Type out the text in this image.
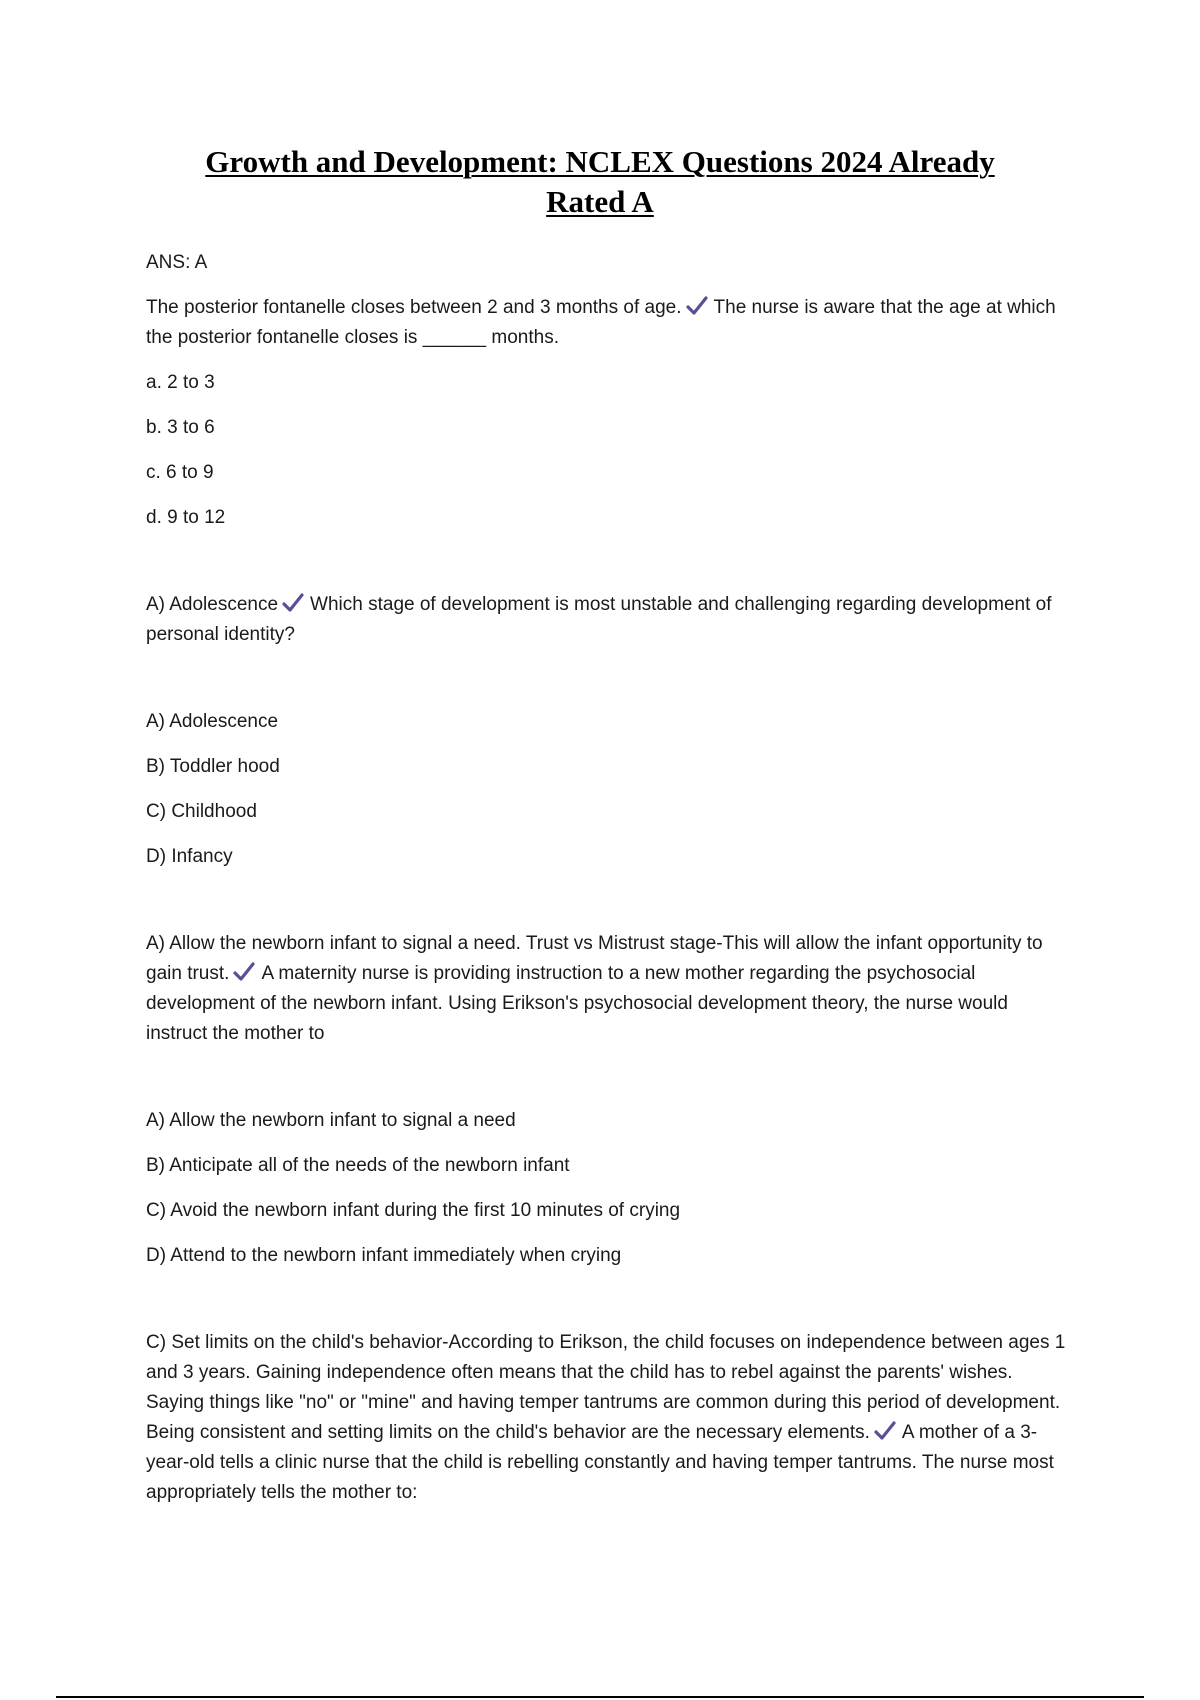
Growth and Development: NCLEX Questions 2024 Already
Rated A

ANS: A

The posterior fontanelle closes between 2 and 3 months of age. The nurse is aware that the age at which the posterior fontanelle closes is ______ months.

a. 2 to 3

b. 3 to 6

c. 6 to 9

d. 9 to 12

A) Adolescence Which stage of development is most unstable and challenging regarding development of personal identity?

A) Adolescence

B) Toddler hood

C) Childhood

D) Infancy

A) Allow the newborn infant to signal a need. Trust vs Mistrust stage-This will allow the infant opportunity to gain trust. A maternity nurse is providing instruction to a new mother regarding the psychosocial development of the newborn infant. Using Erikson's psychosocial development theory, the nurse would instruct the mother to

A) Allow the newborn infant to signal a need

B) Anticipate all of the needs of the newborn infant

C) Avoid the newborn infant during the first 10 minutes of crying

D) Attend to the newborn infant immediately when crying

C) Set limits on the child's behavior-According to Erikson, the child focuses on independence between ages 1 and 3 years. Gaining independence often means that the child has to rebel against the parents' wishes. Saying things like "no" or "mine" and having temper tantrums are common during this period of development. Being consistent and setting limits on the child's behavior are the necessary elements. A mother of a 3-year-old tells a clinic nurse that the child is rebelling constantly and having temper tantrums. The nurse most appropriately tells the mother to:
